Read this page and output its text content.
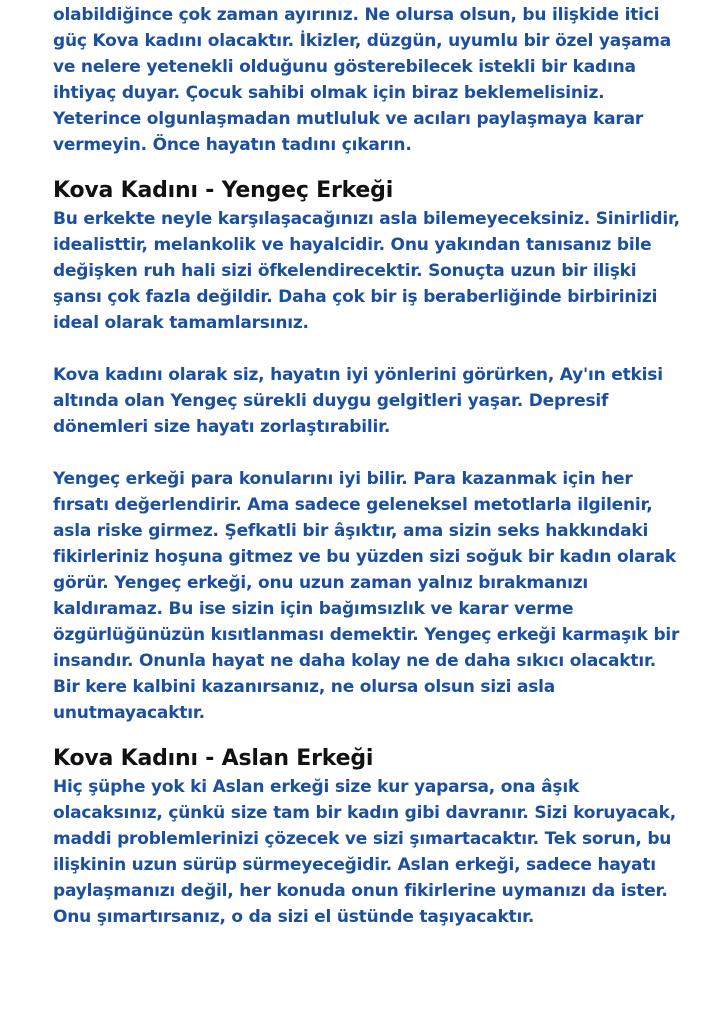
olabildiğince çok zaman ayırınız. Ne olursa olsun, bu ilişkide itici
güç Kova kadını olacaktır. İkizler, düzgün, uyumlu bir özel yaşama
ve nelere yetenekli olduğunu gösterebilecek istekli bir kadına
ihtiyaç duyar. Çocuk sahibi olmak için biraz beklemelisiniz.
Yeterince olgunlaşmadan mutluluk ve acıları paylaşmaya karar
vermeyin. Önce hayatın tadını çıkarın.
Kova Kadını - Yengeç Erkeği
Bu erkekte neyle karşılaşacağınızı asla bilemeyeceksiniz. Sinirlidir,
idealisttir, melankolik ve hayalcidir. Onu yakından tanısanız bile
değişken ruh hali sizi öfkelendirecektir. Sonuçta uzun bir ilişki
şansı çok fazla değildir. Daha çok bir iş beraberliğinde birbirinizi
ideal olarak tamamlarsınız.
Kova kadını olarak siz, hayatın iyi yönlerini görürken, Ay'ın etkisi
altında olan Yengeç sürekli duygu gelgitleri yaşar. Depresif
dönemleri size hayatı zorlaştırabilir.
Yengeç erkeği para konularını iyi bilir. Para kazanmak için her
fırsatı değerlendirir. Ama sadece geleneksel metotlarla ilgilenir,
asla riske girmez. Şefkatli bir âşıktır, ama sizin seks hakkındaki
fikirleriniz hoşuna gitmez ve bu yüzden sizi soğuk bir kadın olarak
görür. Yengeç erkeği, onu uzun zaman yalnız bırakmanızı
kaldıramaz. Bu ise sizin için bağımsızlık ve karar verme
özgürlüğünüzün kısıtlanması demektir. Yengeç erkeği karmaşık bir
insandır. Onunla hayat ne daha kolay ne de daha sıkıcı olacaktır.
Bir kere kalbini kazanırsanız, ne olursa olsun sizi asla
unutmayacaktır.
Kova Kadını - Aslan Erkeği
Hiç şüphe yok ki Aslan erkeği size kur yaparsa, ona âşık
olacaksınız, çünkü size tam bir kadın gibi davranır. Sizi koruyacak,
maddi problemlerinizi çözecek ve sizi şımartacaktır. Tek sorun, bu
ilişkinin uzun sürüp sürmeyeceğidir. Aslan erkeği, sadece hayatı
paylaşmanızı değil, her konuda onun fikirlerine uymanızı da ister.
Onu şımartırsanız, o da sizi el üstünde taşıyacaktır.
